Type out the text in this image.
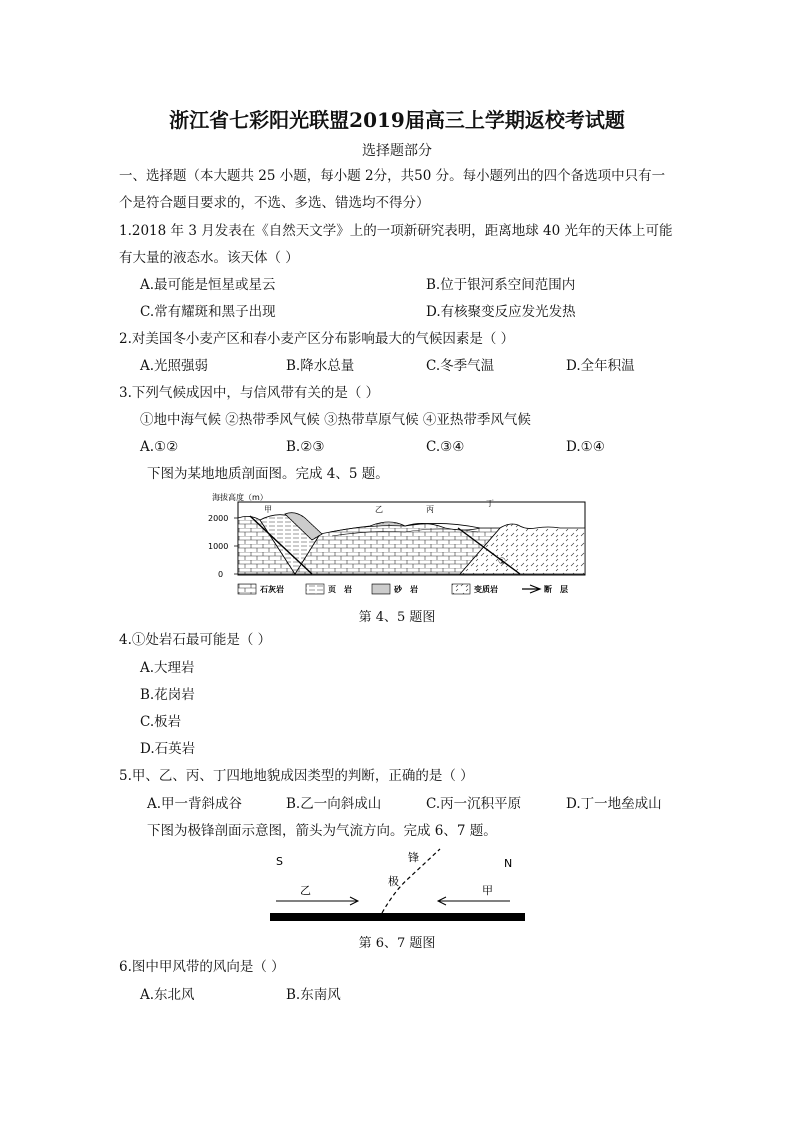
浙江省七彩阳光联盟2019届高三上学期返校考试题
选择题部分
一、选择题（本大题共 25 小题，每小题 2分，共50 分。每小题列出的四个备选项中只有一
个是符合题目要求的，不选、多选、错选均不得分）
1.2018 年 3 月发表在《自然天文学》上的一项新研究表明，距离地球 40 光年的天体上可能
有大量的液态水。该天体（ ）
A.最可能是恒星或星云	B.位于银河系空间范围内
C.常有耀斑和黑子出现	D.有核聚变反应发光发热
2.对美国冬小麦产区和春小麦产区分布影响最大的气候因素是（ ）
A.光照强弱	B.降水总量	C.冬季气温	D.全年积温
3.下列气候成因中，与信风带有关的是（ ）
①地中海气候 ②热带季风气候 ③热带草原气候 ④亚热带季风气候
A.①②	B.②③	C.③④	D.①④
下图为某地地质剖面图。完成 4、5 题。
海拔高度（m）
2000
1000
0
甲	乙	丙
丁
①
石灰岩	页　岩	砂　岩	变质岩	断　层
第 4、5 题图
4.①处岩石最可能是（ ）
A.大理岩
B.花岗岩
C.板岩
D.石英岩
5.甲、乙、丙、丁四地地貌成因类型的判断，正确的是（ ）
A.甲一背斜成谷	B.乙一向斜成山	C.丙一沉积平原	D.丁一地垒成山
下图为极锋剖面示意图，箭头为气流方向。完成 6、7 题。
S	N
锋
极
乙	甲
第 6、7 题图
6.图中甲风带的风向是（ ）
A.东北风	B.东南风
